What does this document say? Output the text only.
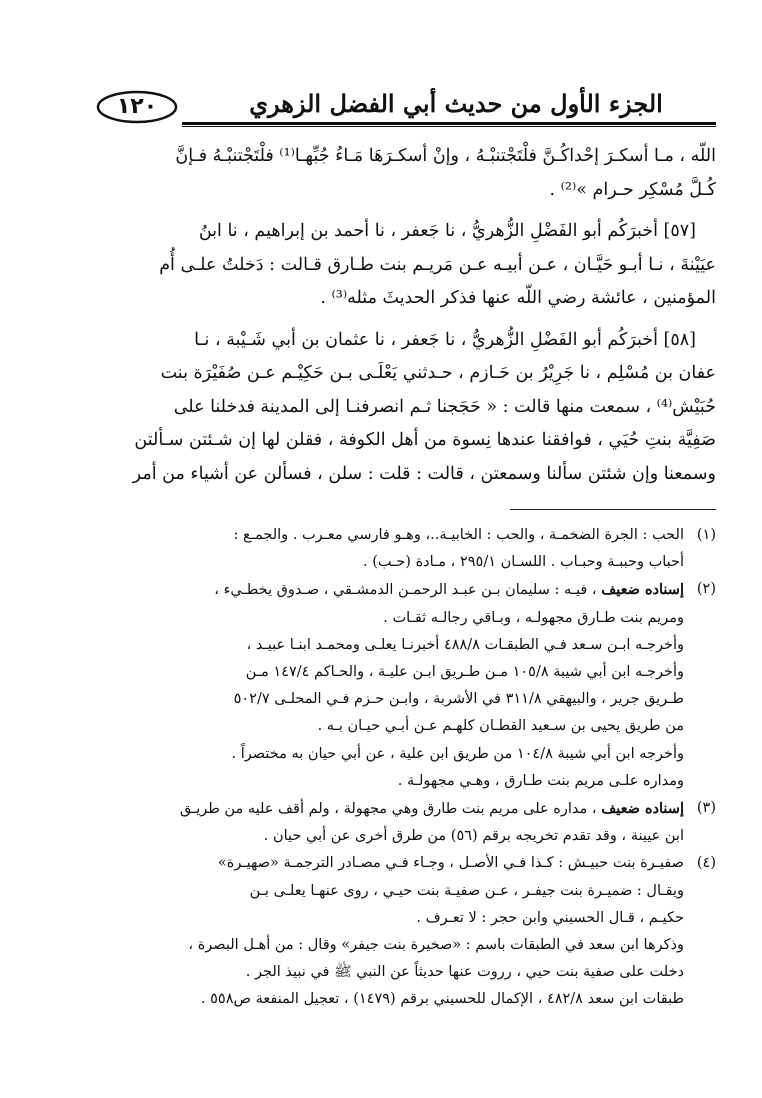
١٢٠	الجزء الأول من حديث أبي الفضل الزهري

اللّه ، مـا أسكـرَ إحْداكُـنَّ فلْتَجْتنبْـهُ ، وإنْ أسكـرَهَا مَـاءُ جُبِّهـا⁽¹⁾ فلْتَجْتنبْـهُ فـإنَّ
كُـلَّ مُسْكِر حـرام »⁽²⁾ .

[٥٧] أخبرَكُم أبو الفَضْلِ الزُّهريُّ ، نا جَعفر ، نا أحمد بن إبراهيم ، نا ابنُ
عيَيْنةَ ، نـا أبـو حَيَّـان ، عـن أبيـه عـن مَريـم بنت طـارق قـالت : دَخلتُ علـى أُم
المؤمنين ، عائشة رضي اللّه عنها فذكر الحديثَ مثله⁽³⁾ .

[٥٨] أخبرَكُم أبو الفَضْلِ الزُّهريُّ ، نا جَعفر ، نا عثمان بن أبي شَـيْبة ، نـا
عفان بن مُسْلِم ، نا جَرِيْرُ بن حَـازم ، حـدثني يَعْلَـى بـن حَكِيْـم عـن صُفَيْرَة بنت
حُبَيْش⁽⁴⁾ ، سمعت منها قالت : « حَجَجنا ثـم انصرفنـا إلى المدينة فدخلنا على
صَفِيَّة بنتِ حُيَي ، فوافقنا عندها نِسوة من أهل الكوفة ، فقلن لها إن شـئتن سـألتن
وسمعنا وإن شئتن سألنا وسمعتن ، قالت : قلت : سلن ، فسألن عن أشياء من أمر

(١)
الحب : الجرة الضخمـة ، والحب : الخابيـة..، وهـو فارسي معـرب . والجمـع :
أحباب وحببـة وحبـاب . اللسـان ٢٩٥/١ ، مـادة (حـب) .
(٢)
إسناده ضعيف ، فيـه : سليمان بـن عبـد الرحمـن الدمشـقي ، صـدوق يخطـيء ،
ومريم بنت طـارق مجهولـه ، وبـاقي رجالـه ثقـات .
وأخرجـه ابـن سـعد فـي الطبقـات ٤٨٨/٨ أخبرنـا يعلـى ومحمـد ابنـا عبيـد ،
وأخرجـه ابن أبي شيبة ١٠٥/٨ مـن طـريق ابـن عليـة ، والحـاكم ١٤٧/٤ مـن
طـريق جرير ، والبيهقي ٣١١/٨ في الأشربة ، وابـن حـزم فـي المحلـى ٥٠٢/٧
من طريق يحيى بن سـعيد القطـان كلهـم عـن أبـي حيـان بـه .
وأخرجه ابن أبي شيبة ١٠٤/٨ من طريق ابن علية ، عن أبي حيان به مختصراً .
ومداره علـى مريم بنت طـارق ، وهـي مجهولـة .
(٣)
إسناده ضعيف ، مداره على مريم بنت طارق وهي مجهولة ، ولم أقف عليه من طريـق
ابن عيينة ، وقد تقدم تخريجه برقم (٥٦) من طرق أخرى عن أبي حيان .
(٤)
صفيـرة بنت حبيـش : كـذا فـي الأصـل ، وجـاء فـي مصـادر الترجمـة «صهيـرة»
ويقـال : ضميـرة بنت جيفـر ، عـن صفيـة بنت حيـي ، روى عنهـا يعلـى بـن
حكيـم ، قـال الحسيني وابن حجر : لا تعـرف .
وذكرها ابن سعد في الطبقات باسم : «صخيرة بنت جيفر» وقال : من أهـل البصرة ،
دخلت على صفية بنت حيي ، رروت عنها حديثاً عن النبي ﷺ في نبيذ الجر .
طبقات ابن سعد ٤٨٢/٨ ، الإكمال للحسيني برقم (١٤٧٩) ، تعجيل المنفعة ص٥٥٨ .
